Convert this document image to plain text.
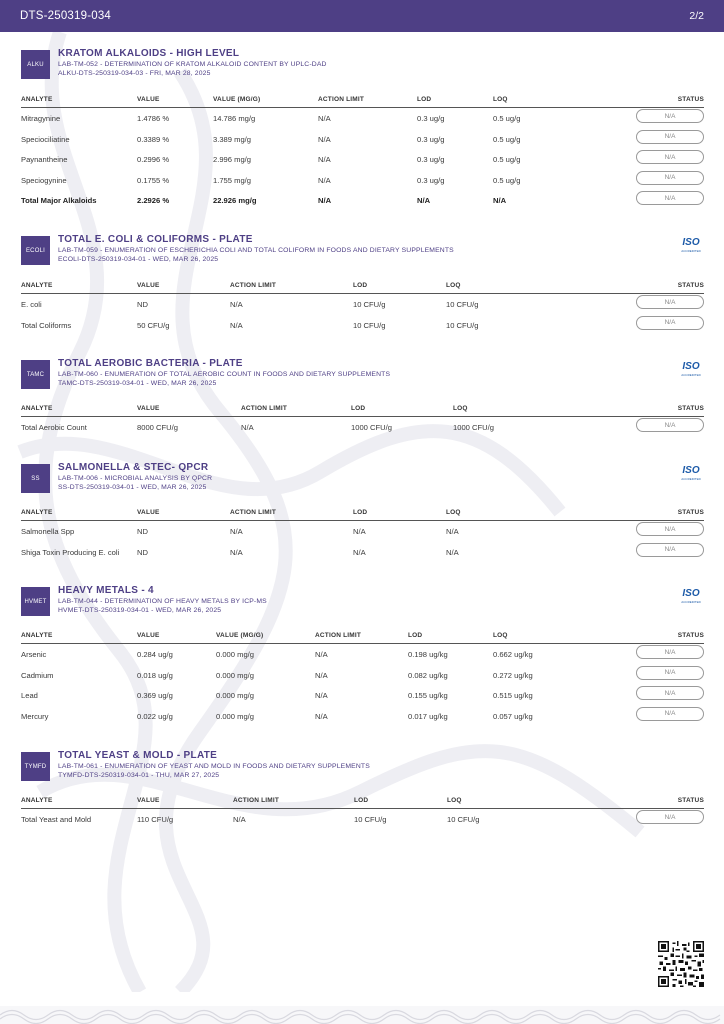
DTS-250319-034	2/2
ALKU
KRATOM ALKALOIDS - HIGH LEVEL
LAB-TM-052 - DETERMINATION OF KRATOM ALKALOID CONTENT BY UPLC-DAD
ALKU-DTS-250319-034-03 - FRI, MAR 28, 2025
ANALYTE	VALUE	VALUE (MG/G)	ACTION LIMIT	LOD	LOQ	STATUS
Mitragynine	1.4786 %	14.786 mg/g	N/A	0.3 ug/g	0.5 ug/g	N/A
Speciociliatine	0.3389 %	3.389 mg/g	N/A	0.3 ug/g	0.5 ug/g	N/A
Paynantheine	0.2996 %	2.996 mg/g	N/A	0.3 ug/g	0.5 ug/g	N/A
Speciogynine	0.1755 %	1.755 mg/g	N/A	0.3 ug/g	0.5 ug/g	N/A
Total Major Alkaloids	2.2926 %	22.926 mg/g	N/A	N/A	N/A	N/A
ECOLI
TOTAL E. COLI & COLIFORMS - PLATE
LAB-TM-059 - ENUMERATION OF ESCHERICHIA COLI AND TOTAL COLIFORM IN FOODS AND DIETARY SUPPLEMENTS
ECOLI-DTS-250319-034-01 - WED, MAR 26, 2025
ISO
ACCREDITED
ANALYTE	VALUE	ACTION LIMIT	LOD	LOQ	STATUS
E. coli	ND	N/A	10 CFU/g	10 CFU/g	N/A
Total Coliforms	50 CFU/g	N/A	10 CFU/g	10 CFU/g	N/A
TAMC
TOTAL AEROBIC BACTERIA - PLATE
LAB-TM-060 - ENUMERATION OF TOTAL AEROBIC COUNT IN FOODS AND DIETARY SUPPLEMENTS
TAMC-DTS-250319-034-01 - WED, MAR 26, 2025
ISO
ACCREDITED
ANALYTE	VALUE	ACTION LIMIT	LOD	LOQ	STATUS
Total Aerobic Count	8000 CFU/g	N/A	1000 CFU/g	1000 CFU/g	N/A
SS
SALMONELLA & STEC- QPCR
LAB-TM-006 - MICROBIAL ANALYSIS BY QPCR
SS-DTS-250319-034-01 - WED, MAR 26, 2025
ISO
ACCREDITED
ANALYTE	VALUE	ACTION LIMIT	LOD	LOQ	STATUS
Salmonella Spp	ND	N/A	N/A	N/A	N/A
Shiga Toxin Producing E. coli ND	N/A	N/A	N/A	N/A
HVMET
HEAVY METALS - 4
LAB-TM-044 - DETERMINATION OF HEAVY METALS BY ICP-MS
HVMET-DTS-250319-034-01 - WED, MAR 26, 2025
ISO
ACCREDITED
ANALYTE	VALUE	VALUE (MG/G)	ACTION LIMIT	LOD	LOQ	STATUS
Arsenic	0.284 ug/g	0.000 mg/g	N/A	0.198 ug/kg	0.662 ug/kg	N/A
Cadmium	0.018 ug/g	0.000 mg/g	N/A	0.082 ug/kg	0.272 ug/kg	N/A
Lead	0.369 ug/g	0.000 mg/g	N/A	0.155 ug/kg	0.515 ug/kg	N/A
Mercury	0.022 ug/g	0.000 mg/g	N/A	0.017 ug/kg	0.057 ug/kg	N/A
TYMFD
TOTAL YEAST & MOLD - PLATE
LAB-TM-061 - ENUMERATION OF YEAST AND MOLD IN FOODS AND DIETARY SUPPLEMENTS
TYMFD-DTS-250319-034-01 - THU, MAR 27, 2025
ANALYTE	VALUE	ACTION LIMIT	LOD	LOQ	STATUS
Total Yeast and Mold	110 CFU/g	N/A	10 CFU/g	10 CFU/g	N/A
